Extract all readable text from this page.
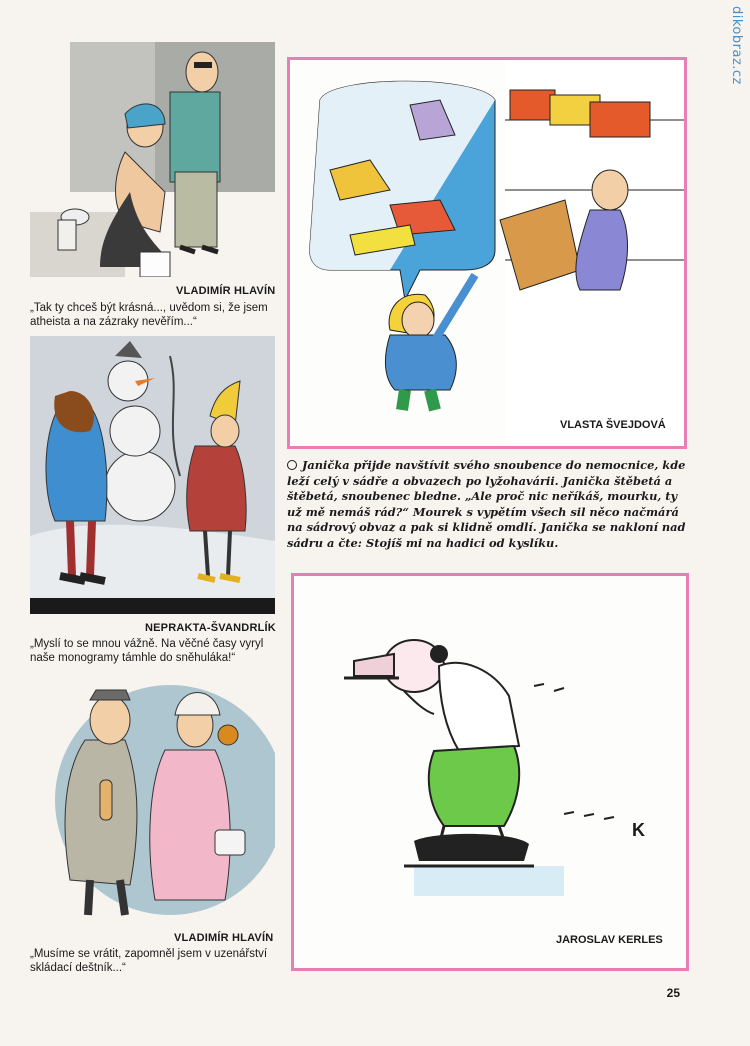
dikobraz.cz
VLADIMÍR HLAVÍN
„Tak ty chceš být krásná..., uvědom si, že jsem atheista a na zázraky nevěřím...“
NEPRAKTA-ŠVANDRLÍK
„Myslí to se mnou vážně. Na věčné časy vyryl naše monogramy támhle do sněhuláka!“
VLADIMÍR HLAVÍN
„Musíme se vrátit, zapomněl jsem v uzenářství skládací deštník...“
VLASTA ŠVEJDOVÁ
Janička přijde navštívit svého snoubence do nemocnice, kde leží celý v sádře a obvazech po lyžohavárii. Janička štěbetá a štěbetá, snoubenec bledne. „Ale proč nic neříkáš, mourku, ty už mě nemáš rád?“ Mourek s vypětím všech sil něco načmárá na sádrový obvaz a pak si klidně omdlí. Janička se nakloní nad sádru a čte: Stojíš mi na hadici od kyslíku.
K
JAROSLAV KERLES
25
